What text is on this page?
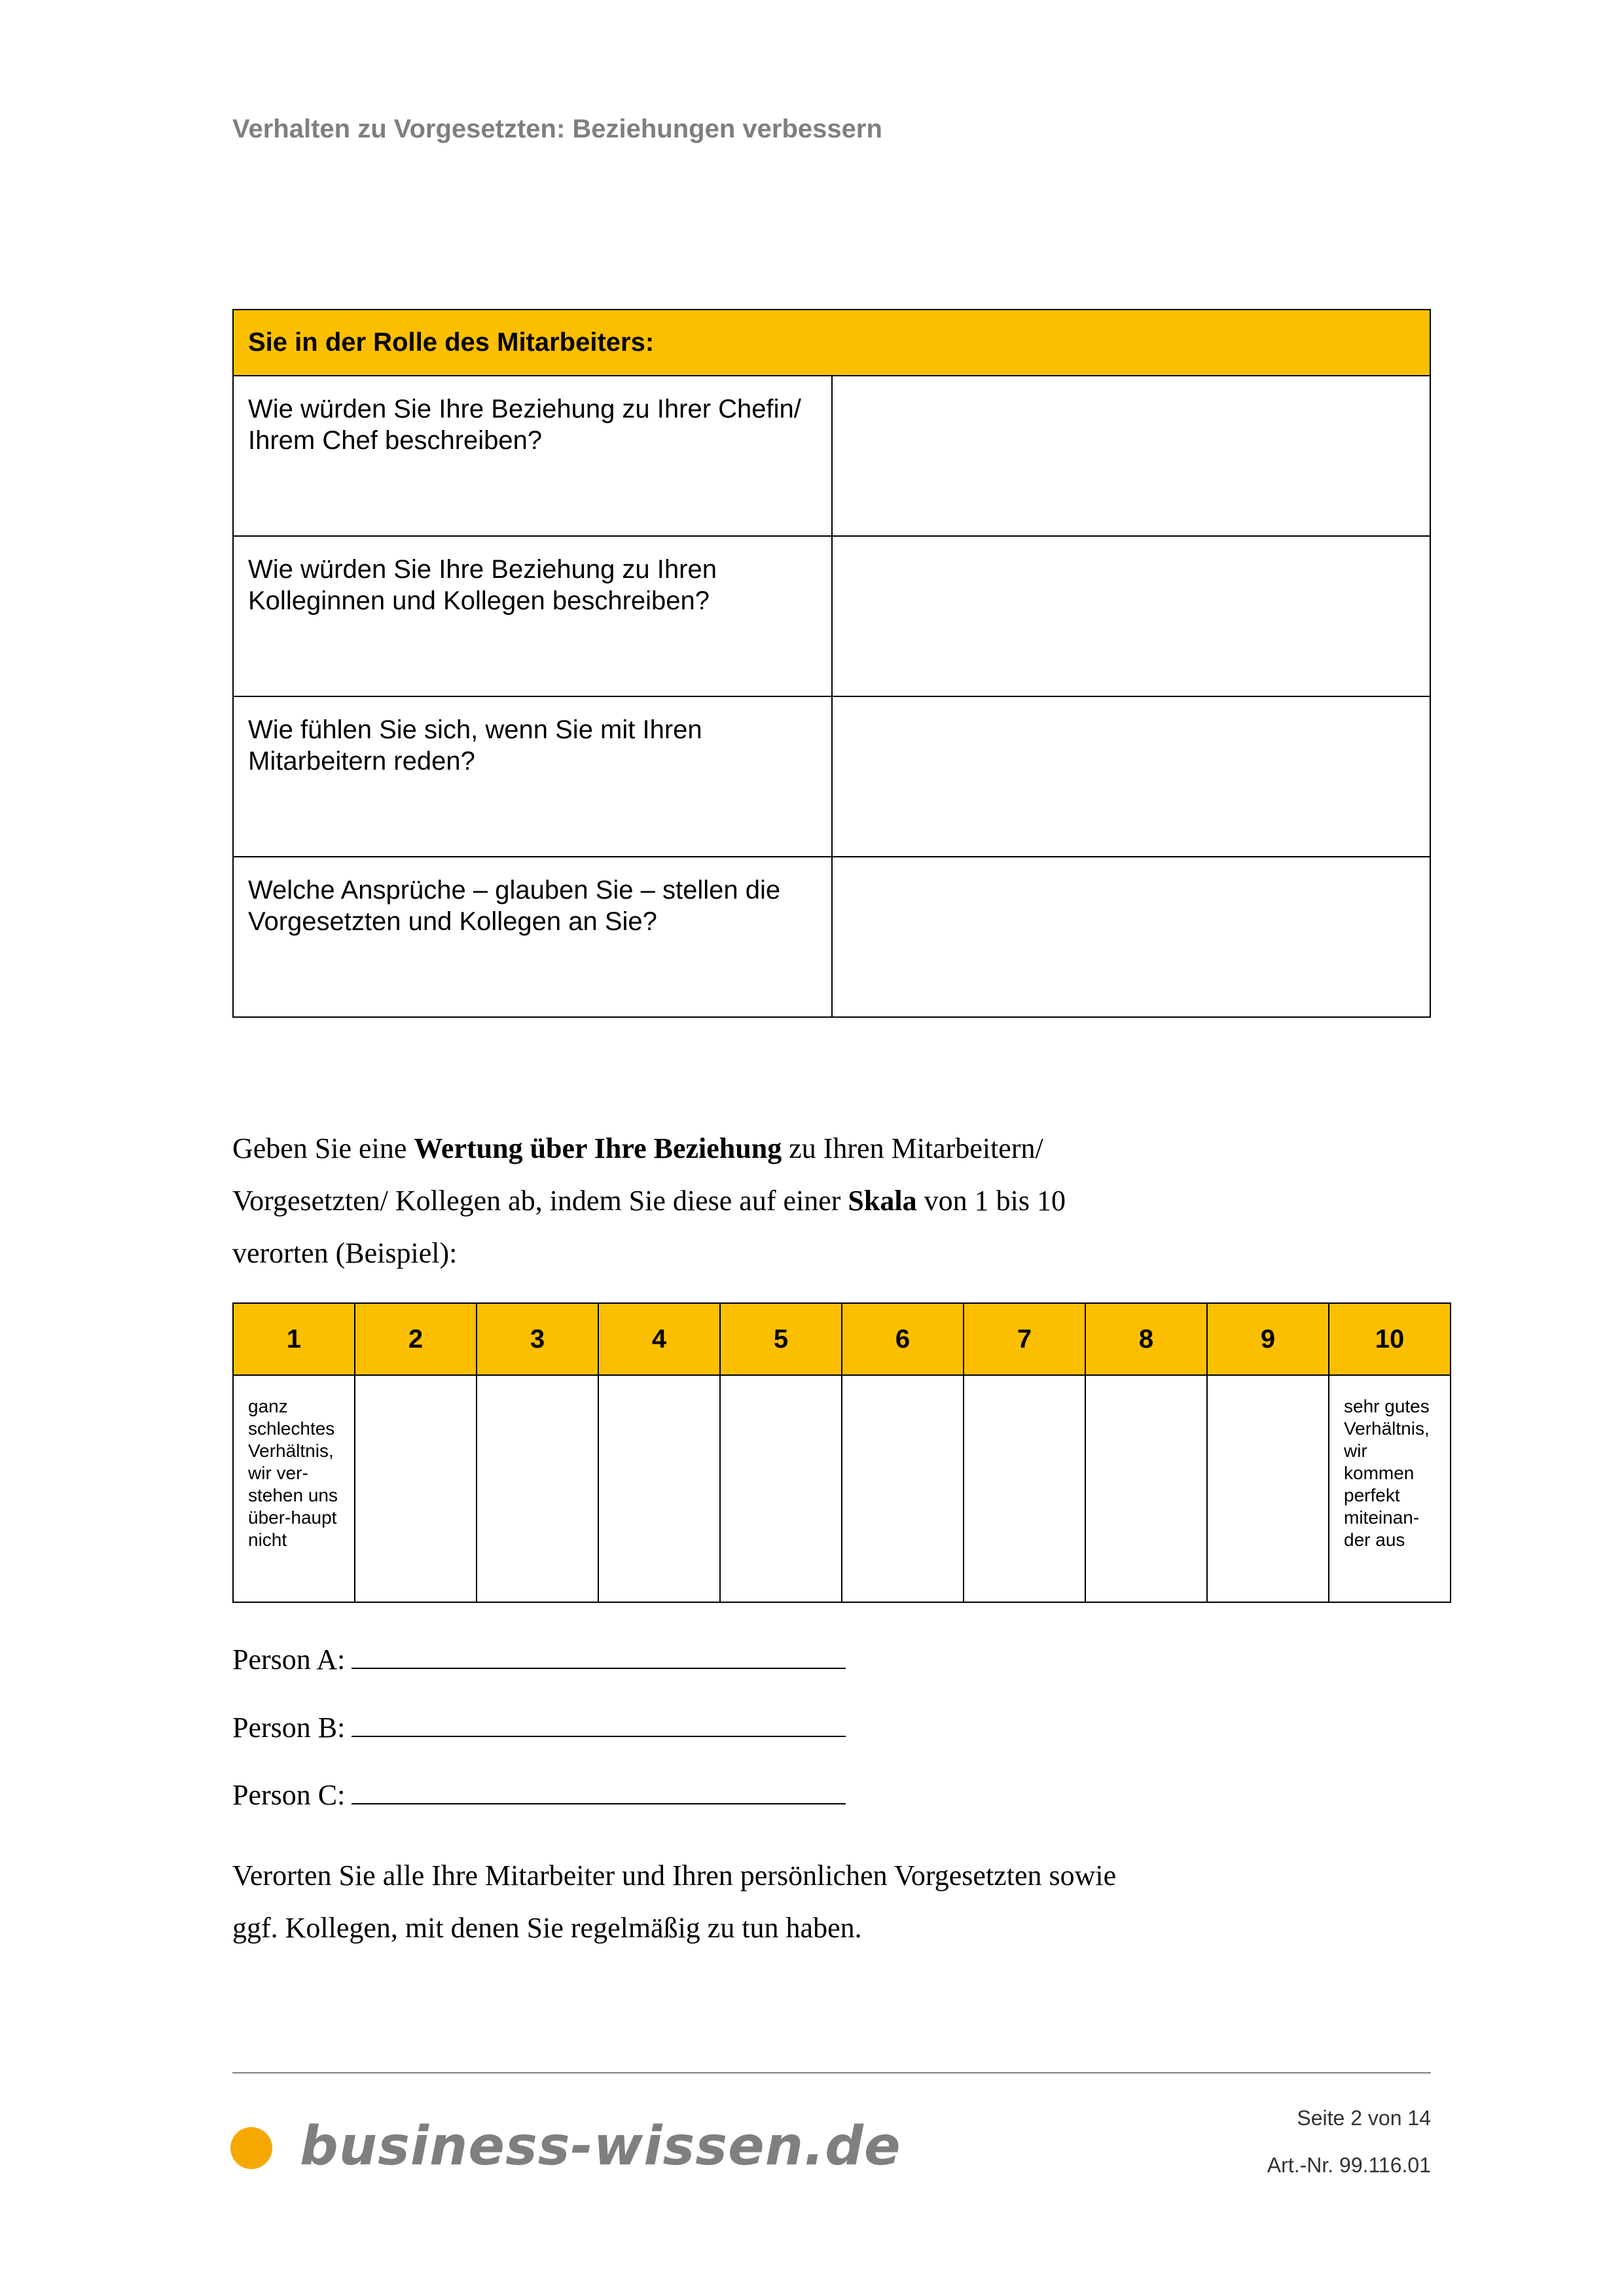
Verhalten zu Vorgesetzten: Beziehungen verbessern
Sie in der Rolle des Mitarbeiters:	
Wie würden Sie Ihre Beziehung zu Ihrer Chefin/ Ihrem Chef beschreiben?	
Wie würden Sie Ihre Beziehung zu Ihren Kolleginnen und Kollegen beschreiben?	
Wie fühlen Sie sich, wenn Sie mit Ihren Mitarbeitern reden?	
Welche Ansprüche – glauben Sie – stellen die Vorgesetzten und Kollegen an Sie?	
Geben Sie eine Wertung über Ihre Beziehung zu Ihren Mitarbeitern/ Vorgesetzten/ Kollegen ab, indem Sie diese auf einer Skala von 1 bis 10 verorten (Beispiel):
1	2	3	4	5	6	7	8	9	10
ganz schlechtes Verhältnis, wir ver-stehen uns über-haupt nicht									sehr gutes Verhältnis, wir kommen perfekt miteinan-der aus
Person A:
Person B:
Person C:
Verorten Sie alle Ihre Mitarbeiter und Ihren persönlichen Vorgesetzten sowie ggf. Kollegen, mit denen Sie regelmäßig zu tun haben.
business-wissen.de	Seite 2 von 14
Art.-Nr. 99.116.01
